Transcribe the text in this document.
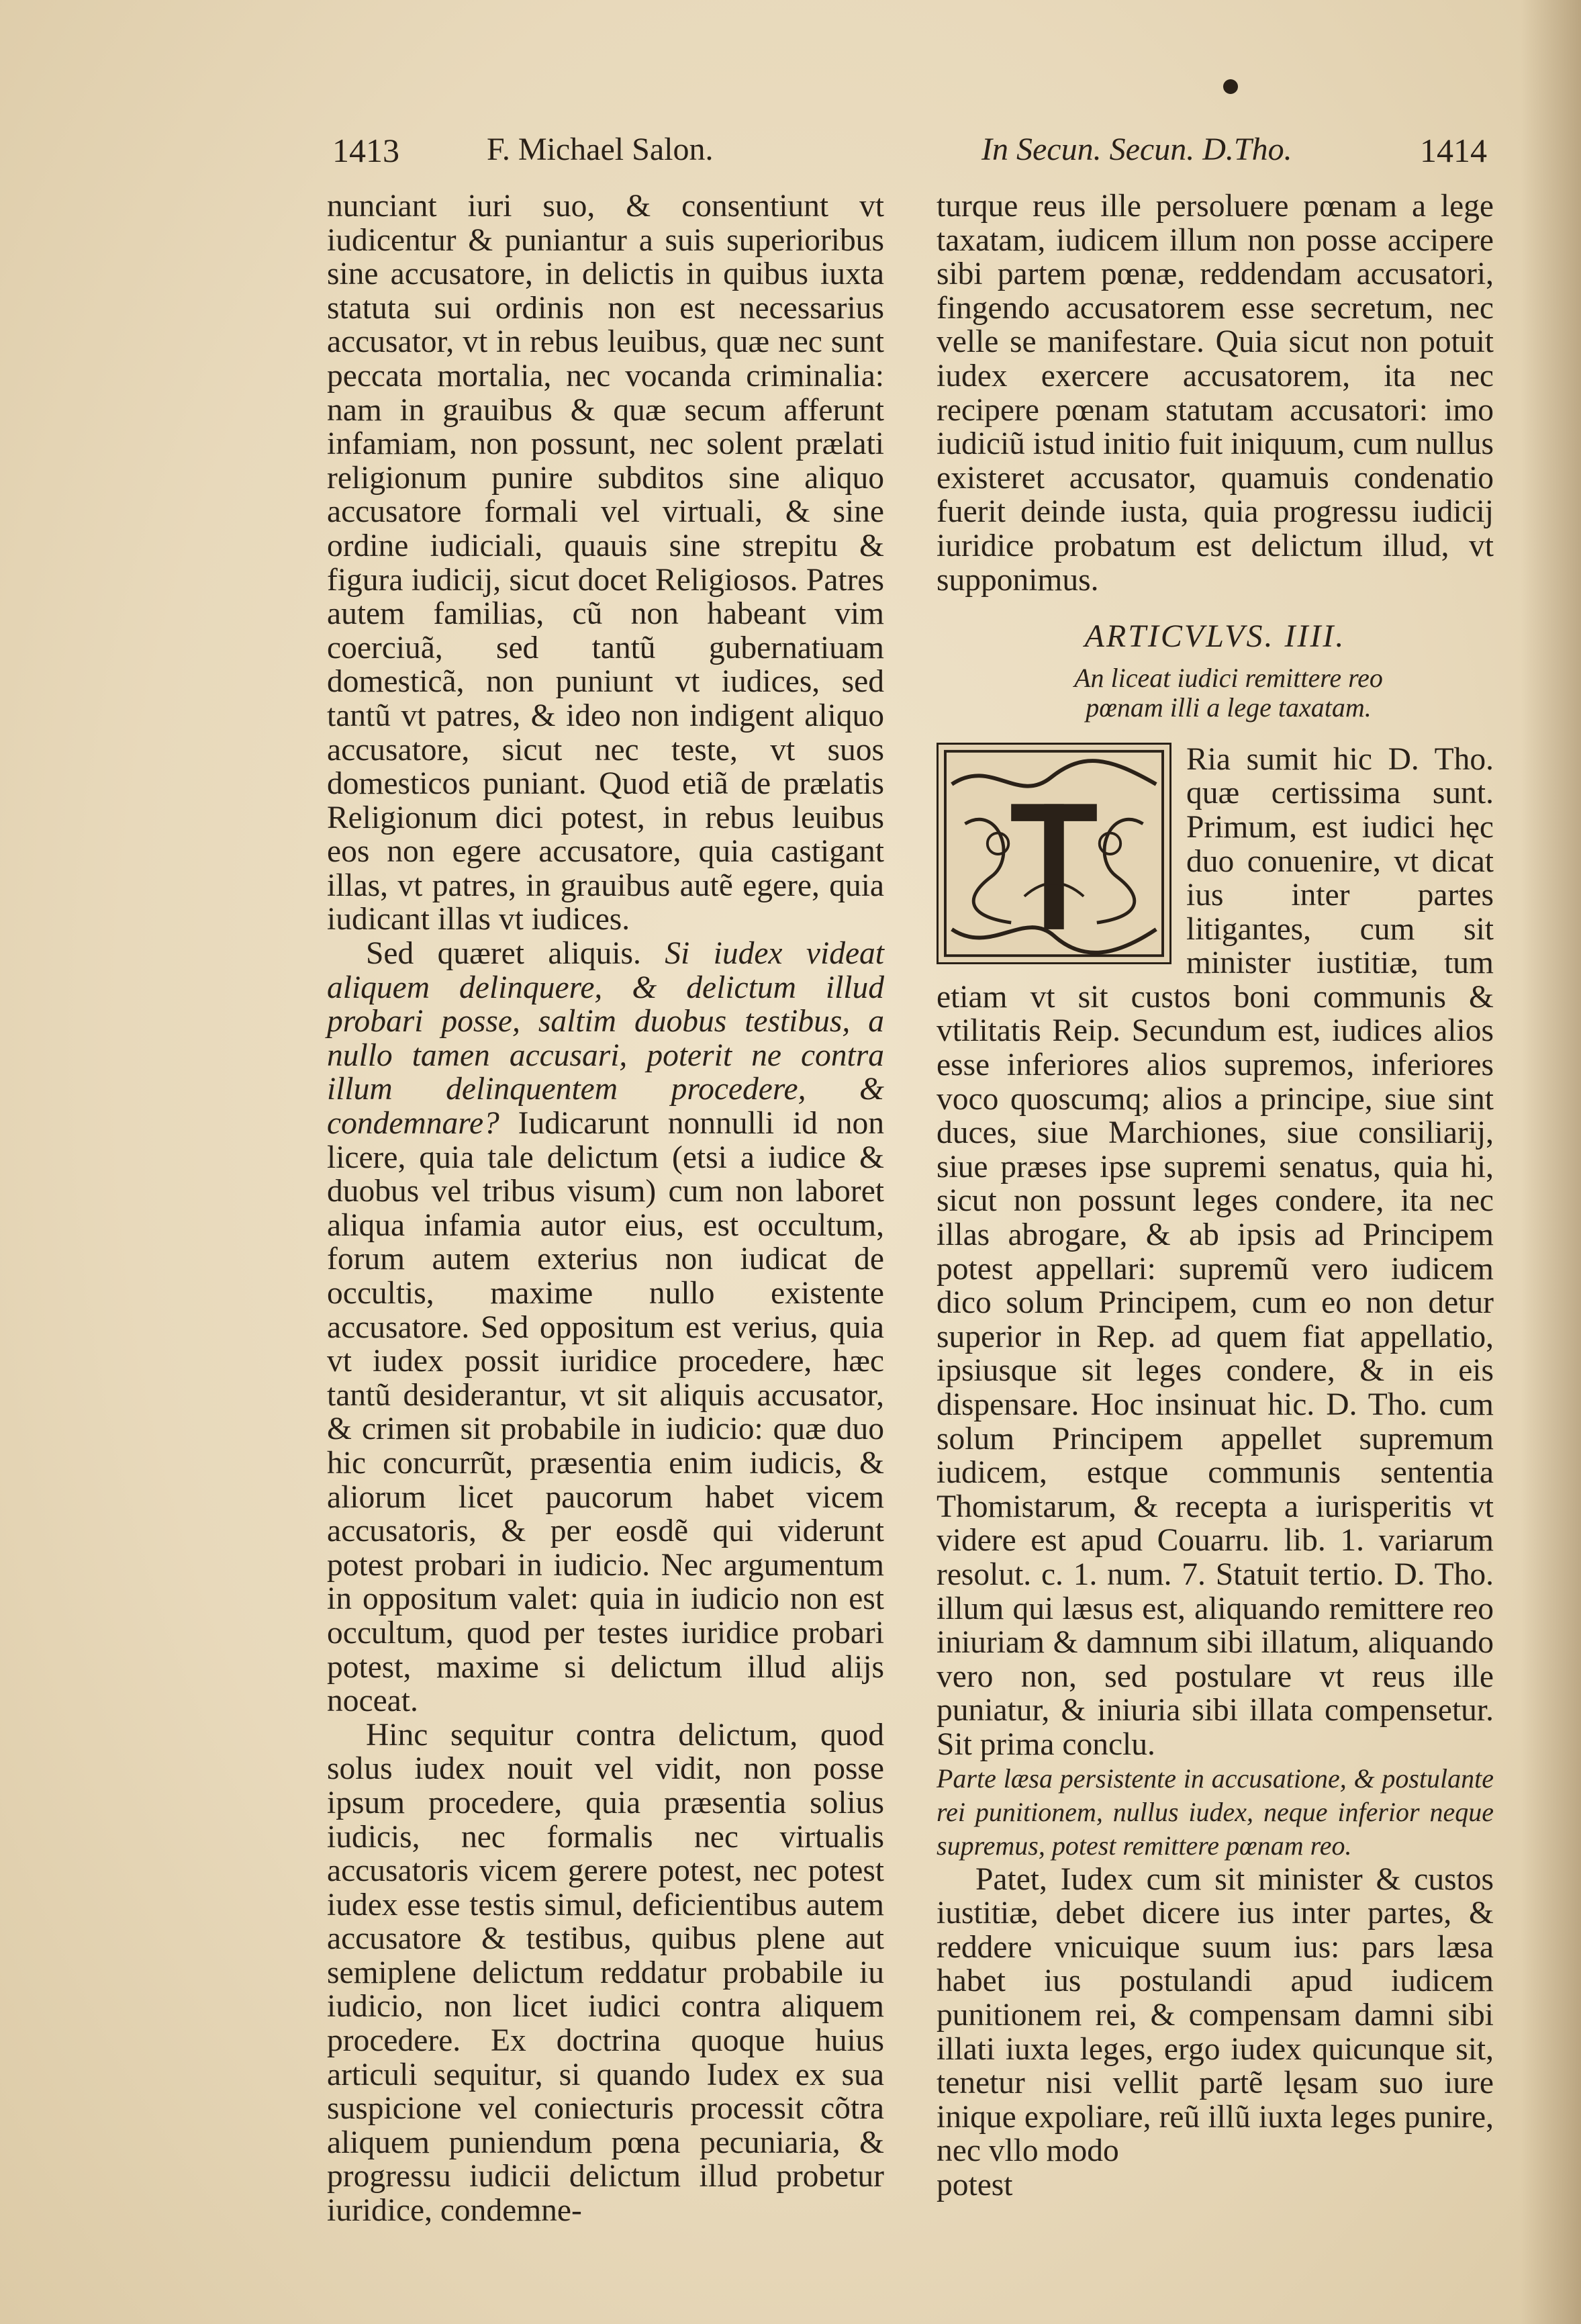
1413	F. Michael Salon.	In Secun. Secun. D.Tho.	1414

nunciant iuri suo, & consentiunt vt iudicentur & puniantur a suis superioribus sine accusatore, in delictis in quibus iuxta statuta sui ordinis non est necessarius accusator, vt in rebus leuibus, quæ nec sunt peccata mortalia, nec vocanda criminalia: nam in grauibus & quæ secum afferunt infamiam, non possunt, nec solent prælati religionum punire subditos sine aliquo accusatore formali vel virtuali, & sine ordine iudiciali, quauis sine strepitu & figura iudicij, sicut docet Religiosos. Patres autem familias, cũ non habeant vim coerciuã, sed tantũ gubernatiuam domesticã, non puniunt vt iudices, sed tantũ vt patres, & ideo non indigent aliquo accusatore, sicut nec teste, vt suos domesticos puniant. Quod etiã de prælatis Religionum dici potest, in rebus leuibus eos non egere accusatore, quia castigant illas, vt patres, in grauibus autẽ egere, quia iudicant illas vt iudices.

Sed quæret aliquis. Si iudex videat aliquem delinquere, & delictum illud probari posse, saltim duobus testibus, a nullo tamen accusari, poterit ne contra illum delinquentem procedere, & condemnare? Iudicarunt nonnulli id non licere, quia tale delictum (etsi a iudice & duobus vel tribus visum) cum non laboret aliqua infamia autor eius, est occultum, forum autem exterius non iudicat de occultis, maxime nullo existente accusatore. Sed oppositum est verius, quia vt iudex possit iuridice procedere, hæc tantũ desiderantur, vt sit aliquis accusator, & crimen sit probabile in iudicio: quæ duo hic concurrũt, præsentia enim iudicis, & aliorum licet paucorum habet vicem accusatoris, & per eosdẽ qui viderunt potest probari in iudicio. Nec argumentum in oppositum valet: quia in iudicio non est occultum, quod per testes iuridice probari potest, maxime si delictum illud alijs noceat.

Hinc sequitur contra delictum, quod solus iudex nouit vel vidit, non posse ipsum procedere, quia præsentia solius iudicis, nec formalis nec virtualis accusatoris vicem gerere potest, nec potest iudex esse testis simul, deficientibus autem accusatore & testibus, quibus plene aut semiplene delictum reddatur probabile iu iudicio, non licet iudici contra aliquem procedere. Ex doctrina quoque huius articuli sequitur, si quando Iudex ex sua suspicione vel coniecturis processit cõtra aliquem puniendum pœna pecuniaria, & progressu iudicii delictum illud probetur iuridice, condemne-

turque reus ille persoluere pœnam a lege taxatam, iudicem illum non posse accipere sibi partem pœnæ, reddendam accusatori, fingendo accusatorem esse secretum, nec velle se manifestare. Quia sicut non potuit iudex exercere accusatorem, ita nec recipere pœnam statutam accusatori: imo iudiciũ istud initio fuit iniquum, cum nullus existeret accusator, quamuis condenatio fuerit deinde iusta, quia progressu iudicij iuridice probatum est delictum illud, vt supponimus.

ARTICVLVS. IIII.
An liceat iudici remittere reo pœnam illi a lege taxatam.

Ria sumit hic D. Tho. quæ certissima sunt. Primum, est iudici hęc duo conuenire, vt dicat ius inter partes litigantes, cum sit minister iustitiæ, tum etiam vt sit custos boni communis & vtilitatis Reip. Secundum est, iudices alios esse inferiores alios supremos, inferiores voco quoscumq; alios a principe, siue sint duces, siue Marchiones, siue consiliarij, siue præses ipse supremi senatus, quia hi, sicut non possunt leges condere, ita nec illas abrogare, & ab ipsis ad Principem potest appellari: supremũ vero iudicem dico solum Principem, cum eo non detur superior in Rep. ad quem fiat appellatio, ipsiusque sit leges condere, & in eis dispensare. Hoc insinuat hic. D. Tho. cum solum Principem appellet supremum iudicem, estque communis sententia Thomistarum, & recepta a iurisperitis vt videre est apud Couarru. lib. 1. variarum resolut. c. 1. num. 7. Statuit tertio. D. Tho. illum qui læsus est, aliquando remittere reo iniuriam & damnum sibi illatum, aliquando vero non, sed postulare vt reus ille puniatur, & iniuria sibi illata compensetur. Sit prima conclu.

Parte læsa persistente in accusatione, & postulante rei punitionem, nullus iudex, neque inferior neque supremus, potest remittere pœnam reo.

Patet, Iudex cum sit minister & custos iustitiæ, debet dicere ius inter partes, & reddere vnicuique suum ius: pars læsa habet ius postulandi apud iudicem punitionem rei, & compensam damni sibi illati iuxta leges, ergo iudex quicunque sit, tenetur nisi vellit partẽ lęsam suo iure inique expoliare, reũ illũ iuxta leges punire, nec vllo modo

potest
